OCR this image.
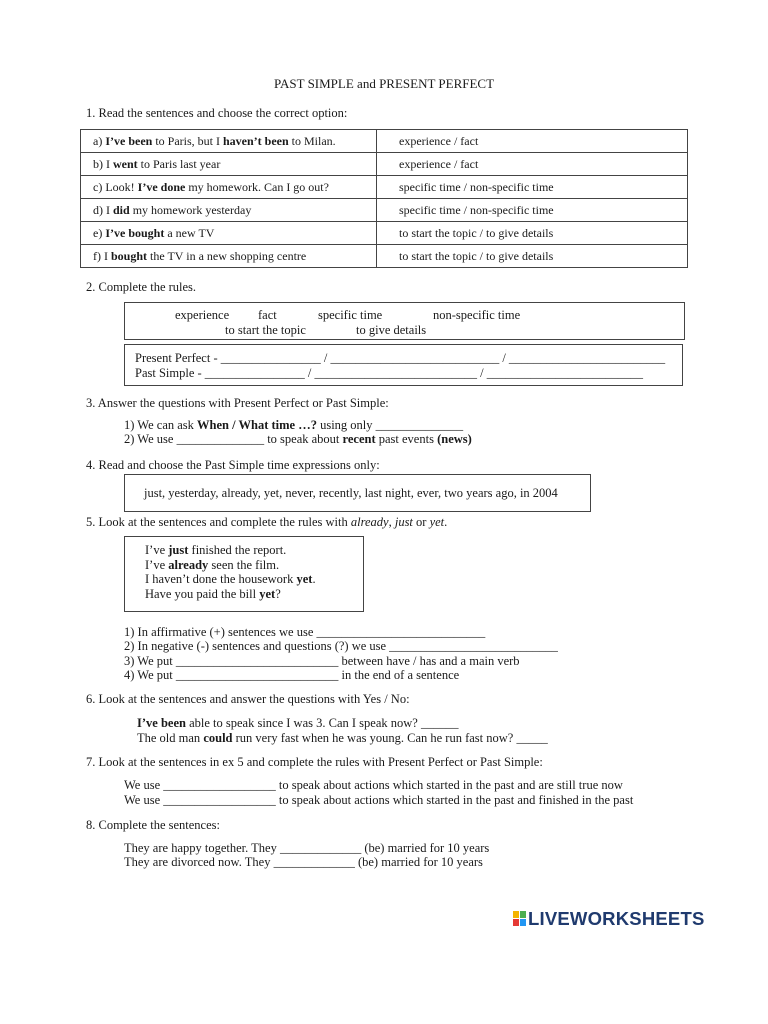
PAST SIMPLE and PRESENT PERFECT
1. Read the sentences and choose the correct option:
a) I’ve been to Paris, but I haven’t been to Milan.	experience / fact
b) I went to Paris last year	experience / fact
c) Look! I’ve done my homework. Can I go out?	specific time / non-specific time
d) I did my homework yesterday	specific time / non-specific time
e) I’ve bought a new TV	to start the topic / to give details
f) I bought the TV in a new shopping centre	to start the topic / to give details
2. Complete the rules.
experience fact	specific time	non-specific time
to start the topic	to give details
Present Perfect - ________________ / ___________________________ / _________________________
Past Simple - ________________ / __________________________ / _________________________
3. Answer the questions with Present Perfect or Past Simple:
1) We can ask When / What time …? using only ______________
2) We use ______________ to speak about recent past events (news)
4. Read and choose the Past Simple time expressions only:
just, yesterday, already, yet, never, recently, last night, ever, two years ago, in 2004
5. Look at the sentences and complete the rules with already, just or yet.
I’ve just finished the report.
I’ve already seen the film.
I haven’t done the housework yet.
Have you paid the bill yet?
1) In affirmative (+) sentences we use ___________________________
2) In negative (-) sentences and questions (?) we use ___________________________
3) We put __________________________ between have / has and a main verb
4) We put __________________________ in the end of a sentence
6. Look at the sentences and answer the questions with Yes / No:
I’ve been able to speak since I was 3. Can I speak now? ______
The old man could run very fast when he was young. Can he run fast now? _____
7. Look at the sentences in ex 5 and complete the rules with Present Perfect or Past Simple:
We use __________________ to speak about actions which started in the past and are still true now
We use __________________ to speak about actions which started in the past and finished in the past
8. Complete the sentences:
They are happy together. They _____________ (be) married for 10 years
They are divorced now. They _____________ (be) married for 10 years
LIVEWORKSHEETS
